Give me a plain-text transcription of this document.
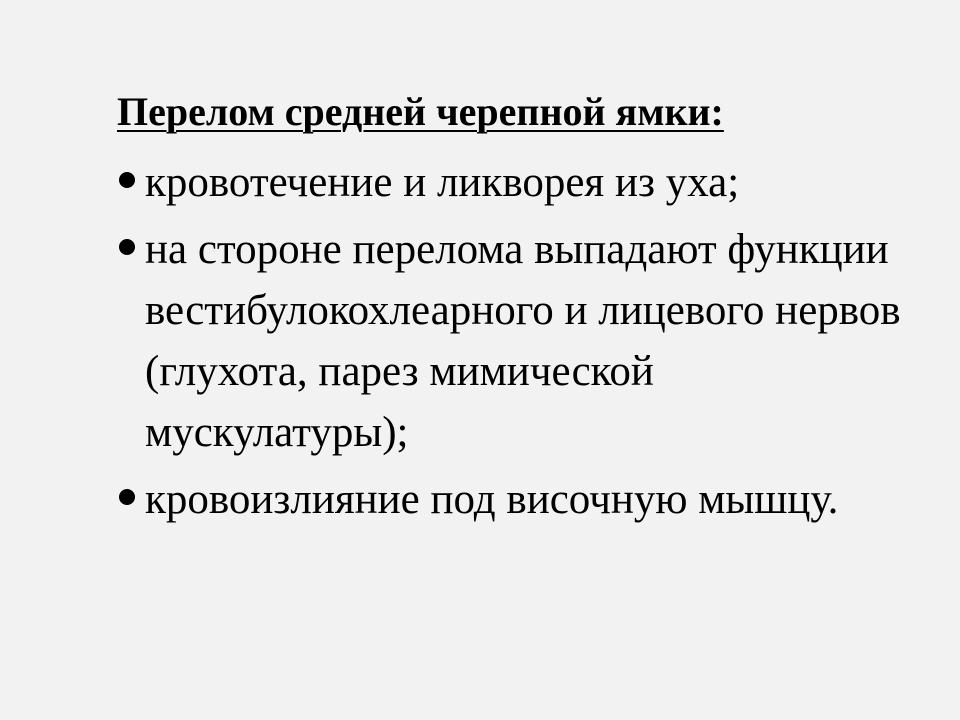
Перелом средней черепной ямки:
кровотечение и ликворея из уха;
на стороне перелома выпадают функции вестибулокохлеарного и лицевого нервов (глухота, парез мимической мускулатуры);
кровоизлияние под височную мышцу.
